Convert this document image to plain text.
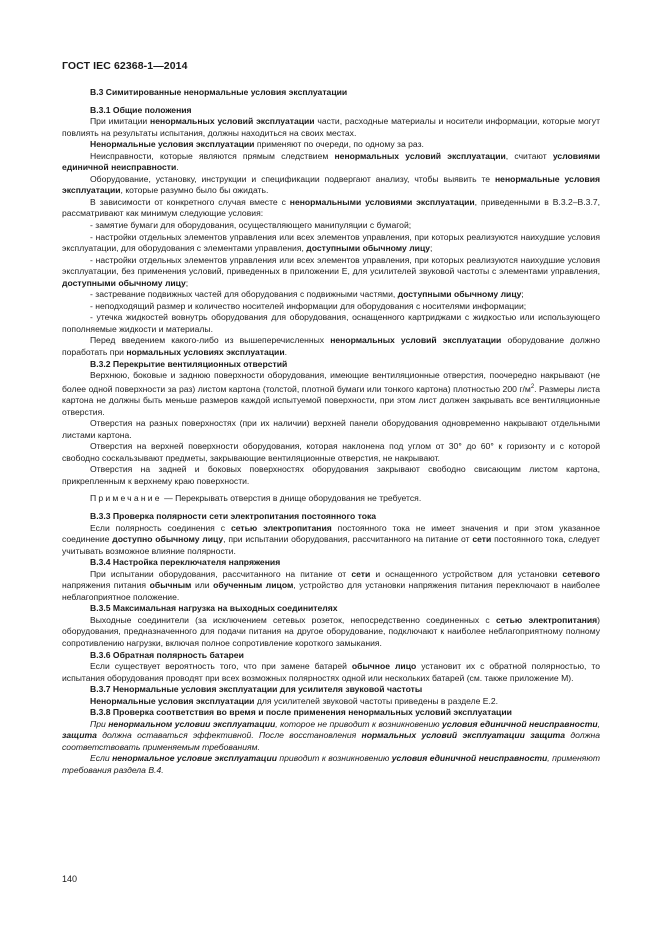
ГОСТ IEC 62368-1—2014

В.3 Симитированные ненормальные условия эксплуатации

В.3.1 Общие положения

При имитации ненормальных условий эксплуатации части, расходные материалы и носители информации, которые могут повлиять на результаты испытания, должны находиться на своих местах.

Ненормальные условия эксплуатации применяют по очереди, по одному за раз.

Неисправности, которые являются прямым следствием ненормальных условий эксплуатации, считают условиями единичной неисправности.

Оборудование, установку, инструкции и спецификации подвергают анализу, чтобы выявить те ненормальные условия эксплуатации, которые разумно было бы ожидать.

В зависимости от конкретного случая вместе с ненормальными условиями эксплуатации, приведенными в В.3.2–В.3.7, рассматривают как минимум следующие условия:

- замятие бумаги для оборудования, осуществляющего манипуляции с бумагой;

- настройки отдельных элементов управления или всех элементов управления, при которых реализуются наихудшие условия эксплуатации, для оборудования с элементами управления, доступными обычному лицу;

- настройки отдельных элементов управления или всех элементов управления, при которых реализуются наихудшие условия эксплуатации, без применения условий, приведенных в приложении Е, для усилителей звуковой частоты с элементами управления, доступными обычному лицу;

- застревание подвижных частей для оборудования с подвижными частями, доступными обычному лицу;

- неподходящий размер и количество носителей информации для оборудования с носителями информации;

- утечка жидкостей вовнутрь оборудования для оборудования, оснащенного картриджами с жидкостью или использующего пополняемые жидкости и материалы.

Перед введением какого-либо из вышеперечисленных ненормальных условий эксплуатации оборудование должно поработать при нормальных условиях эксплуатации.

В.3.2 Перекрытие вентиляционных отверстий

Верхнюю, боковые и заднюю поверхности оборудования, имеющие вентиляционные отверстия, поочередно накрывают (не более одной поверхности за раз) листом картона (толстой, плотной бумаги или тонкого картона) плотностью 200 $г/м^2$. Размеры листа картона не должны быть меньше размеров каждой испытуемой поверхности, при этом лист должен закрывать все вентиляционные отверстия.

Отверстия на разных поверхностях (при их наличии) верхней панели оборудования одновременно накрывают отдельными листами картона.

Отверстия на верхней поверхности оборудования, которая наклонена под углом от 30° до 60° к горизонту и с которой свободно соскальзывают предметы, закрывающие вентиляционные отверстия, не накрывают.

Отверстия на задней и боковых поверхностях оборудования закрывают свободно свисающим листом картона, прикрепленным к верхнему краю поверхности.

Примечание — Перекрывать отверстия в днище оборудования не требуется.

В.3.3 Проверка полярности сети электропитания постоянного тока

Если полярность соединения с сетью электропитания постоянного тока не имеет значения и при этом указанное соединение доступно обычному лицу, при испытании оборудования, рассчитанного на питание от сети постоянного тока, следует учитывать возможное влияние полярности.

В.3.4 Настройка переключателя напряжения

При испытании оборудования, рассчитанного на питание от сети и оснащенного устройством для установки сетевого напряжения питания обычным или обученным лицом, устройство для установки напряжения питания переключают в наиболее неблагоприятное положение.

В.3.5 Максимальная нагрузка на выходных соединителях

Выходные соединители (за исключением сетевых розеток, непосредственно соединенных с сетью электропитания) оборудования, предназначенного для подачи питания на другое оборудование, подключают к наиболее неблагоприятному полному сопротивлению нагрузки, включая полное сопротивление короткого замыкания.

В.3.6 Обратная полярность батареи

Если существует вероятность того, что при замене батарей обычное лицо установит их с обратной полярностью, то испытания оборудования проводят при всех возможных полярностях одной или нескольких батарей (см. также приложение М).

В.3.7 Ненормальные условия эксплуатации для усилителя звуковой частоты

Ненормальные условия эксплуатации для усилителей звуковой частоты приведены в разделе Е.2.

В.3.8 Проверка соответствия во время и после применения ненормальных условий эксплуатации

При ненормальном условии эксплуатации, которое не приводит к возникновению условия единичной неисправности, защита должна оставаться эффективной. После восстановления нормальных условий эксплуатации защита должна соответствовать применяемым требованиям.

Если ненормальное условие эксплуатации приводит к возникновению условия единичной неисправности, применяют требования раздела В.4.

140
